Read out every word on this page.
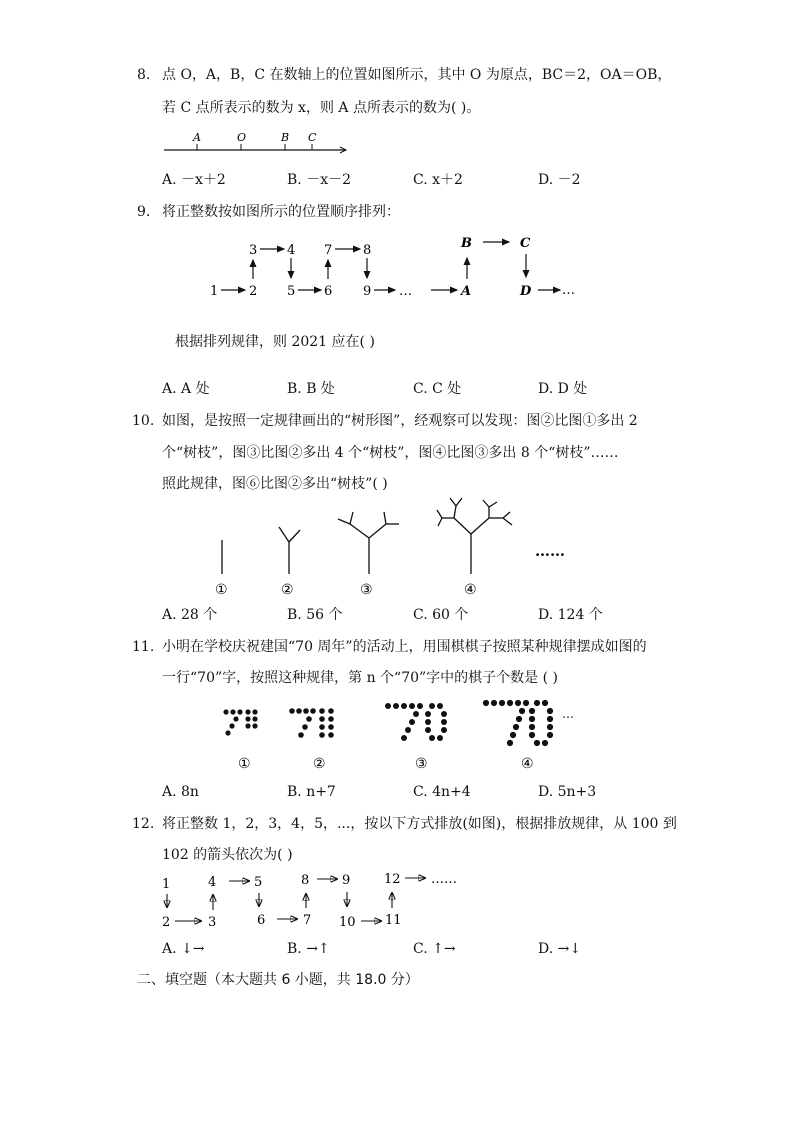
8. 点 O，A，B，C 在数轴上的位置如图所示，其中 O 为原点，BC＝2，OA＝OB，
若 C 点所表示的数为 x，则 A 点所表示的数为( )。
A	O	B C
A. －x＋2	B. －x－2	C. x＋2	D. －2
9. 将正整数按如图所示的位置顺序排列：
1 2
3 4
5 6
7 8
9 …	A
B	C
D …
根据排列规律，则 2021 应在( )
A. A 处	B. B 处	C. C 处	D. D 处
10. 如图，是按照一定规律画出的“树形图”，经观察可以发现：图②比图①多出 2
个“树枝”，图③比图②多出 4 个“树枝”，图④比图③多出 8 个“树枝”……
照此规律，图⑥比图②多出“树枝”( )
……
①	②	③	④
A. 28 个	B. 56 个	C. 60 个	D. 124 个
11. 小明在学校庆祝建国“70 周年”的活动上，用围棋棋子按照某种规律摆成如图的
一行“70”字，按照这种规律，第 n 个“70”字中的棋子个数是 ( )
…
①	②	③	④
A. 8n	B. n+7	C. 4n+4	D. 5n+3
12. 将正整数 1，2，3，4，5，...，按以下方式排放(如图)，根据排放规律，从 100 到
102 的箭头依次为( )
1	4	5	8	9	12 ……
2	3	6	7 10 11
A. ↓→	B. →↑	C. ↑→	D. →↓
二、填空题（本大题共 6 小题，共 18.0 分）
